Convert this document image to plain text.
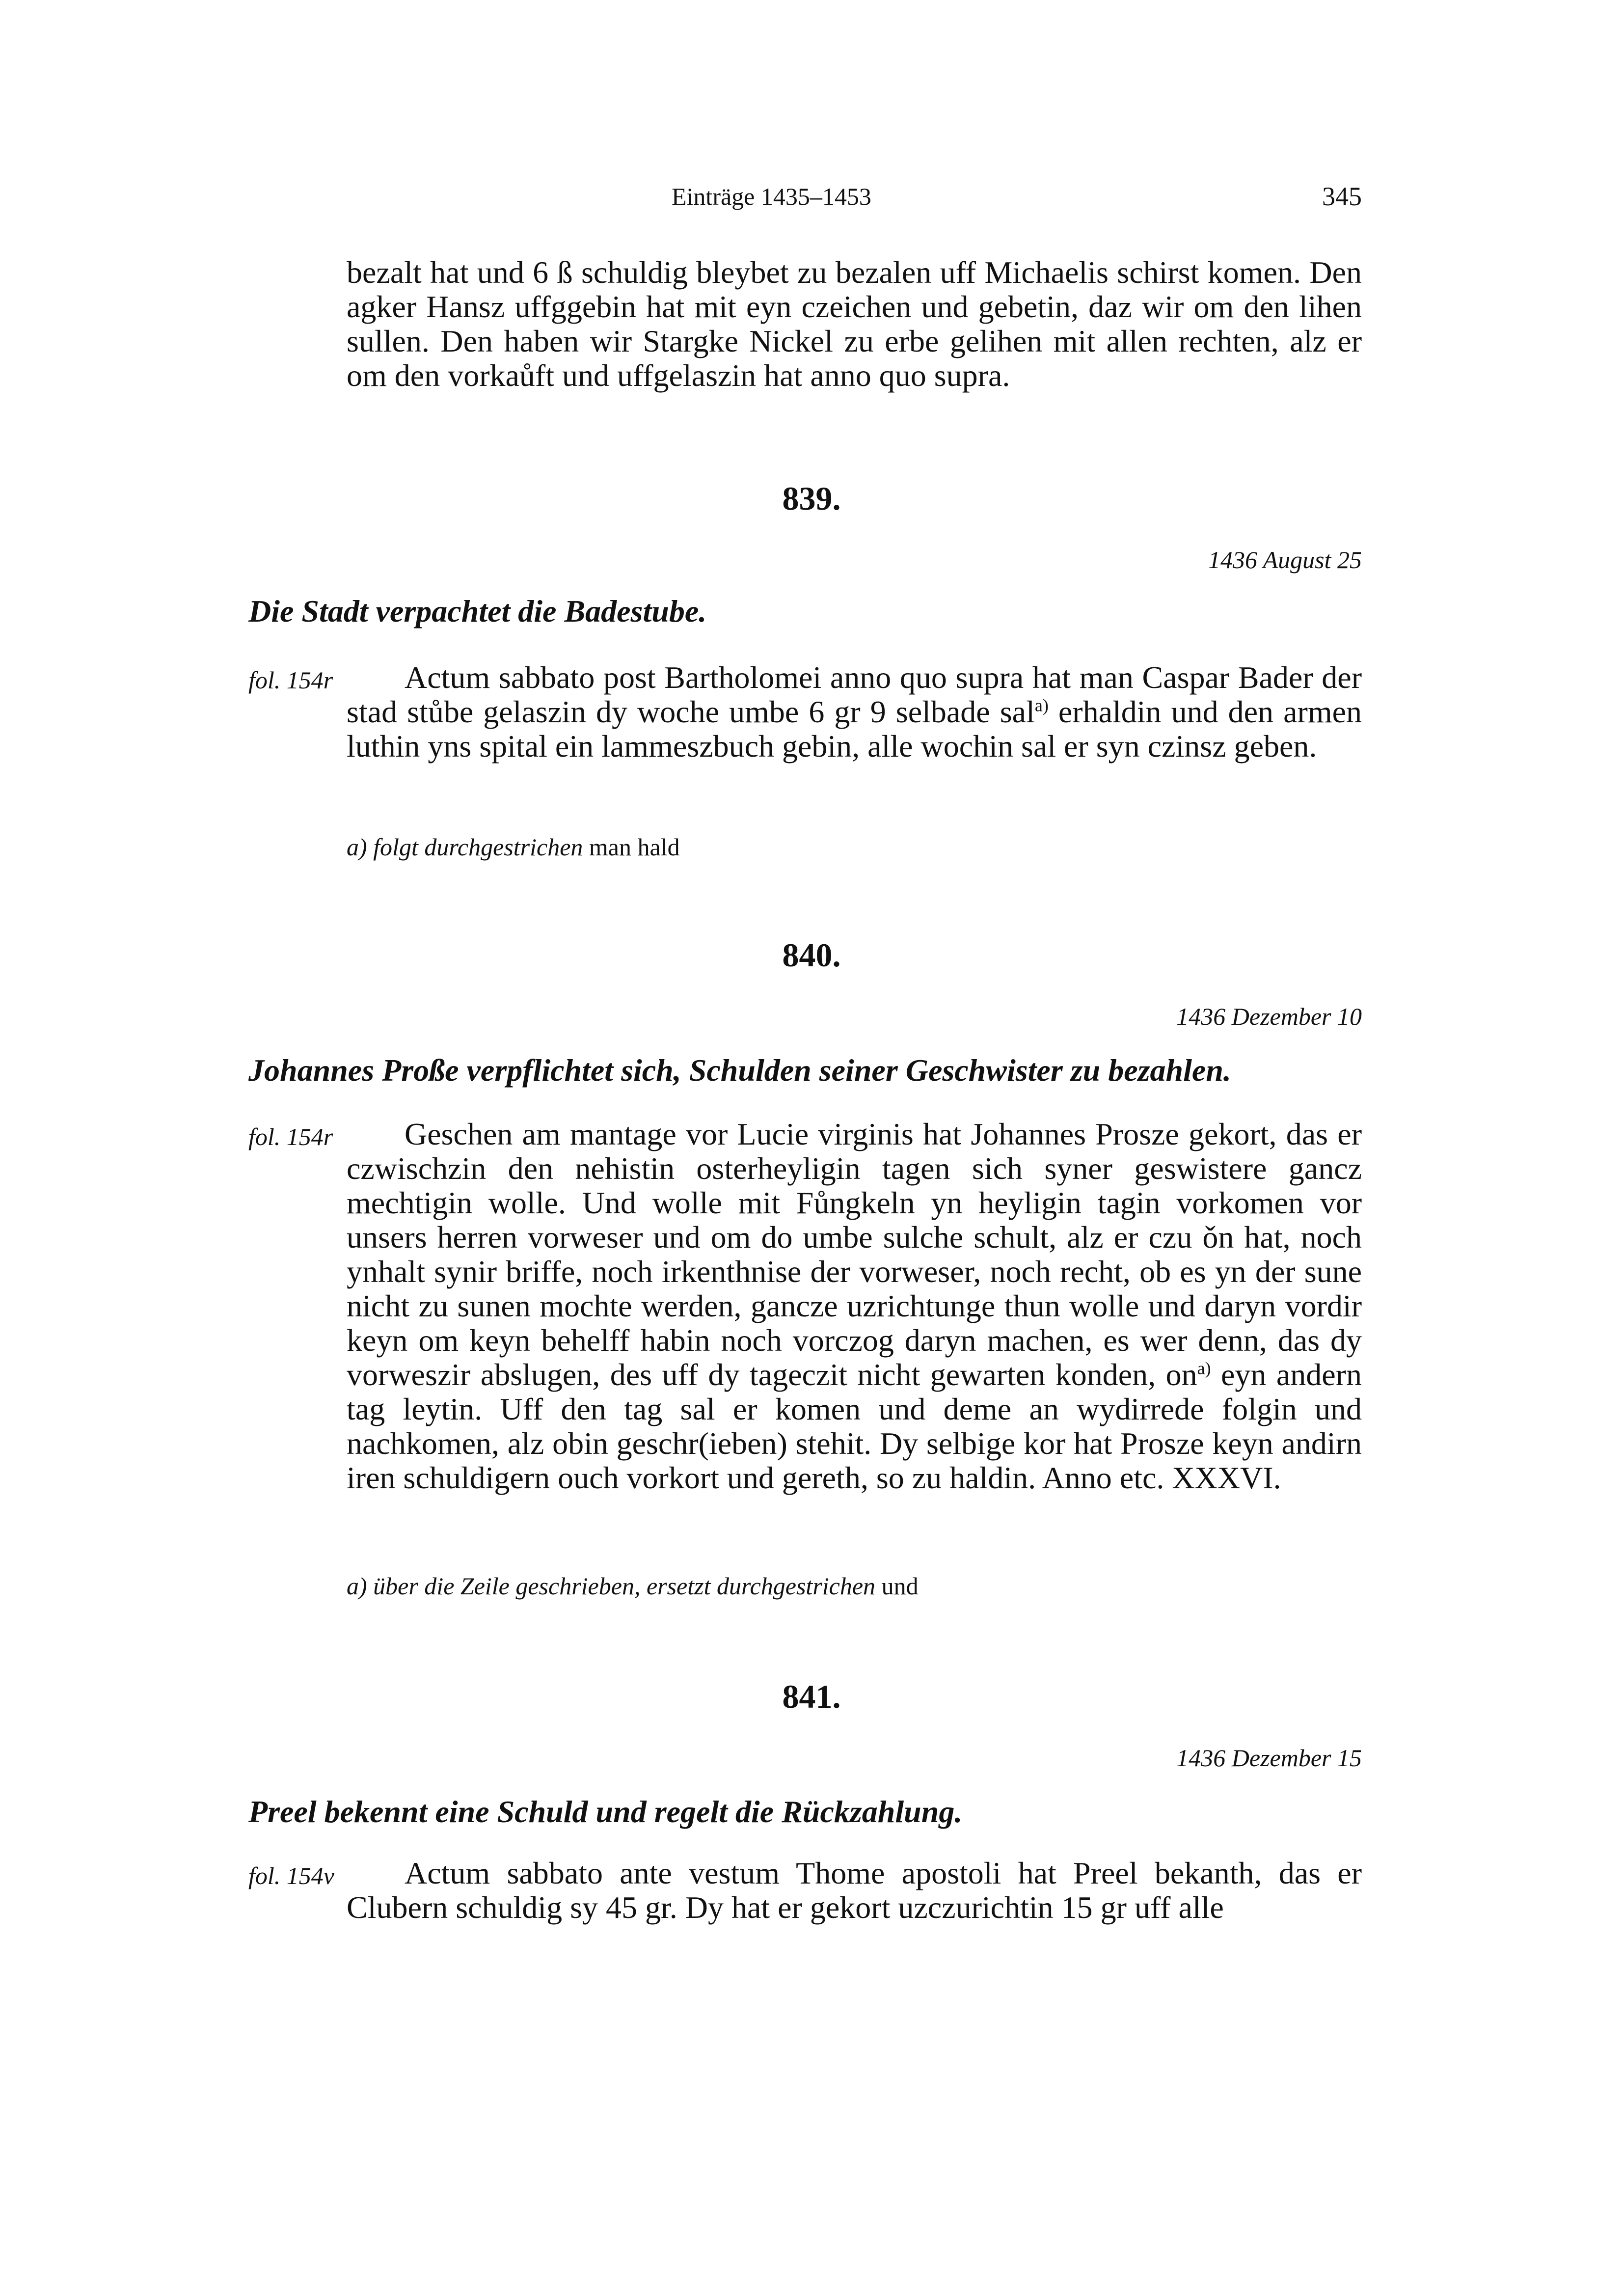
Einträge 1435–1453	345
bezalt hat und 6 ß schuldig bleybet zu bezalen uff Michaelis schirst komen. Den agker Hansz uffggebin hat mit eyn czeichen und gebetin, daz wir om den lihen sullen. Den haben wir Stargke Nickel zu erbe gelihen mit allen rechten, alz er om den vorkaůft und uffgelaszin hat anno quo supra.
839.
1436 August 25
Die Stadt verpachtet die Badestube.
fol. 154r	Actum sabbato post Bartholomei anno quo supra hat man Caspar Bader der stad stůbe gelaszin dy woche umbe 6 gr 9 selbade sal$^{a)}$ erhaldin und den armen luthin yns spital ein lammeszbuch gebin, alle wochin sal er syn czinsz geben.
a) folgt durchgestrichen man hald
840.
1436 Dezember 10
Johannes Proße verpflichtet sich, Schulden seiner Geschwister zu bezahlen.
fol. 154r	Geschen am mantage vor Lucie virginis hat Johannes Prosze gekort, das er czwischzin den nehistin osterheyligin tagen sich syner geswistere gancz mechtigin wolle. Und wolle mit Fůngkeln yn heyligin tagin vorkomen vor unsers herren vorweser und om do umbe sulche schult, alz er czu ǒn hat, noch ynhalt synir briffe, noch irkenthnise der vorweser, noch recht, ob es yn der sune nicht zu sunen mochte werden, gancze uzrichtunge thun wolle und daryn vordir keyn om keyn behelff habin noch vorczog daryn machen, es wer denn, das dy vorweszir abslugen, des uff dy tageczit nicht gewarten konden, $on^{a)}$ eyn andern tag leytin. Uff den tag sal er komen und deme an wydirrede folgin und nachkomen, alz obin geschr(ieben) stehit. Dy selbige kor hat Prosze keyn andirn iren schuldigern ouch vorkort und gereth, so zu haldin. Anno etc. XXXVI.
a) über die Zeile geschrieben, ersetzt durchgestrichen und
841.
1436 Dezember 15
Preel bekennt eine Schuld und regelt die Rückzahlung.
fol. 154v	Actum sabbato ante vestum Thome apostoli hat Preel bekanth, das er Clubern schuldig sy 45 gr. Dy hat er gekort uzczurichtin 15 gr uff alle
